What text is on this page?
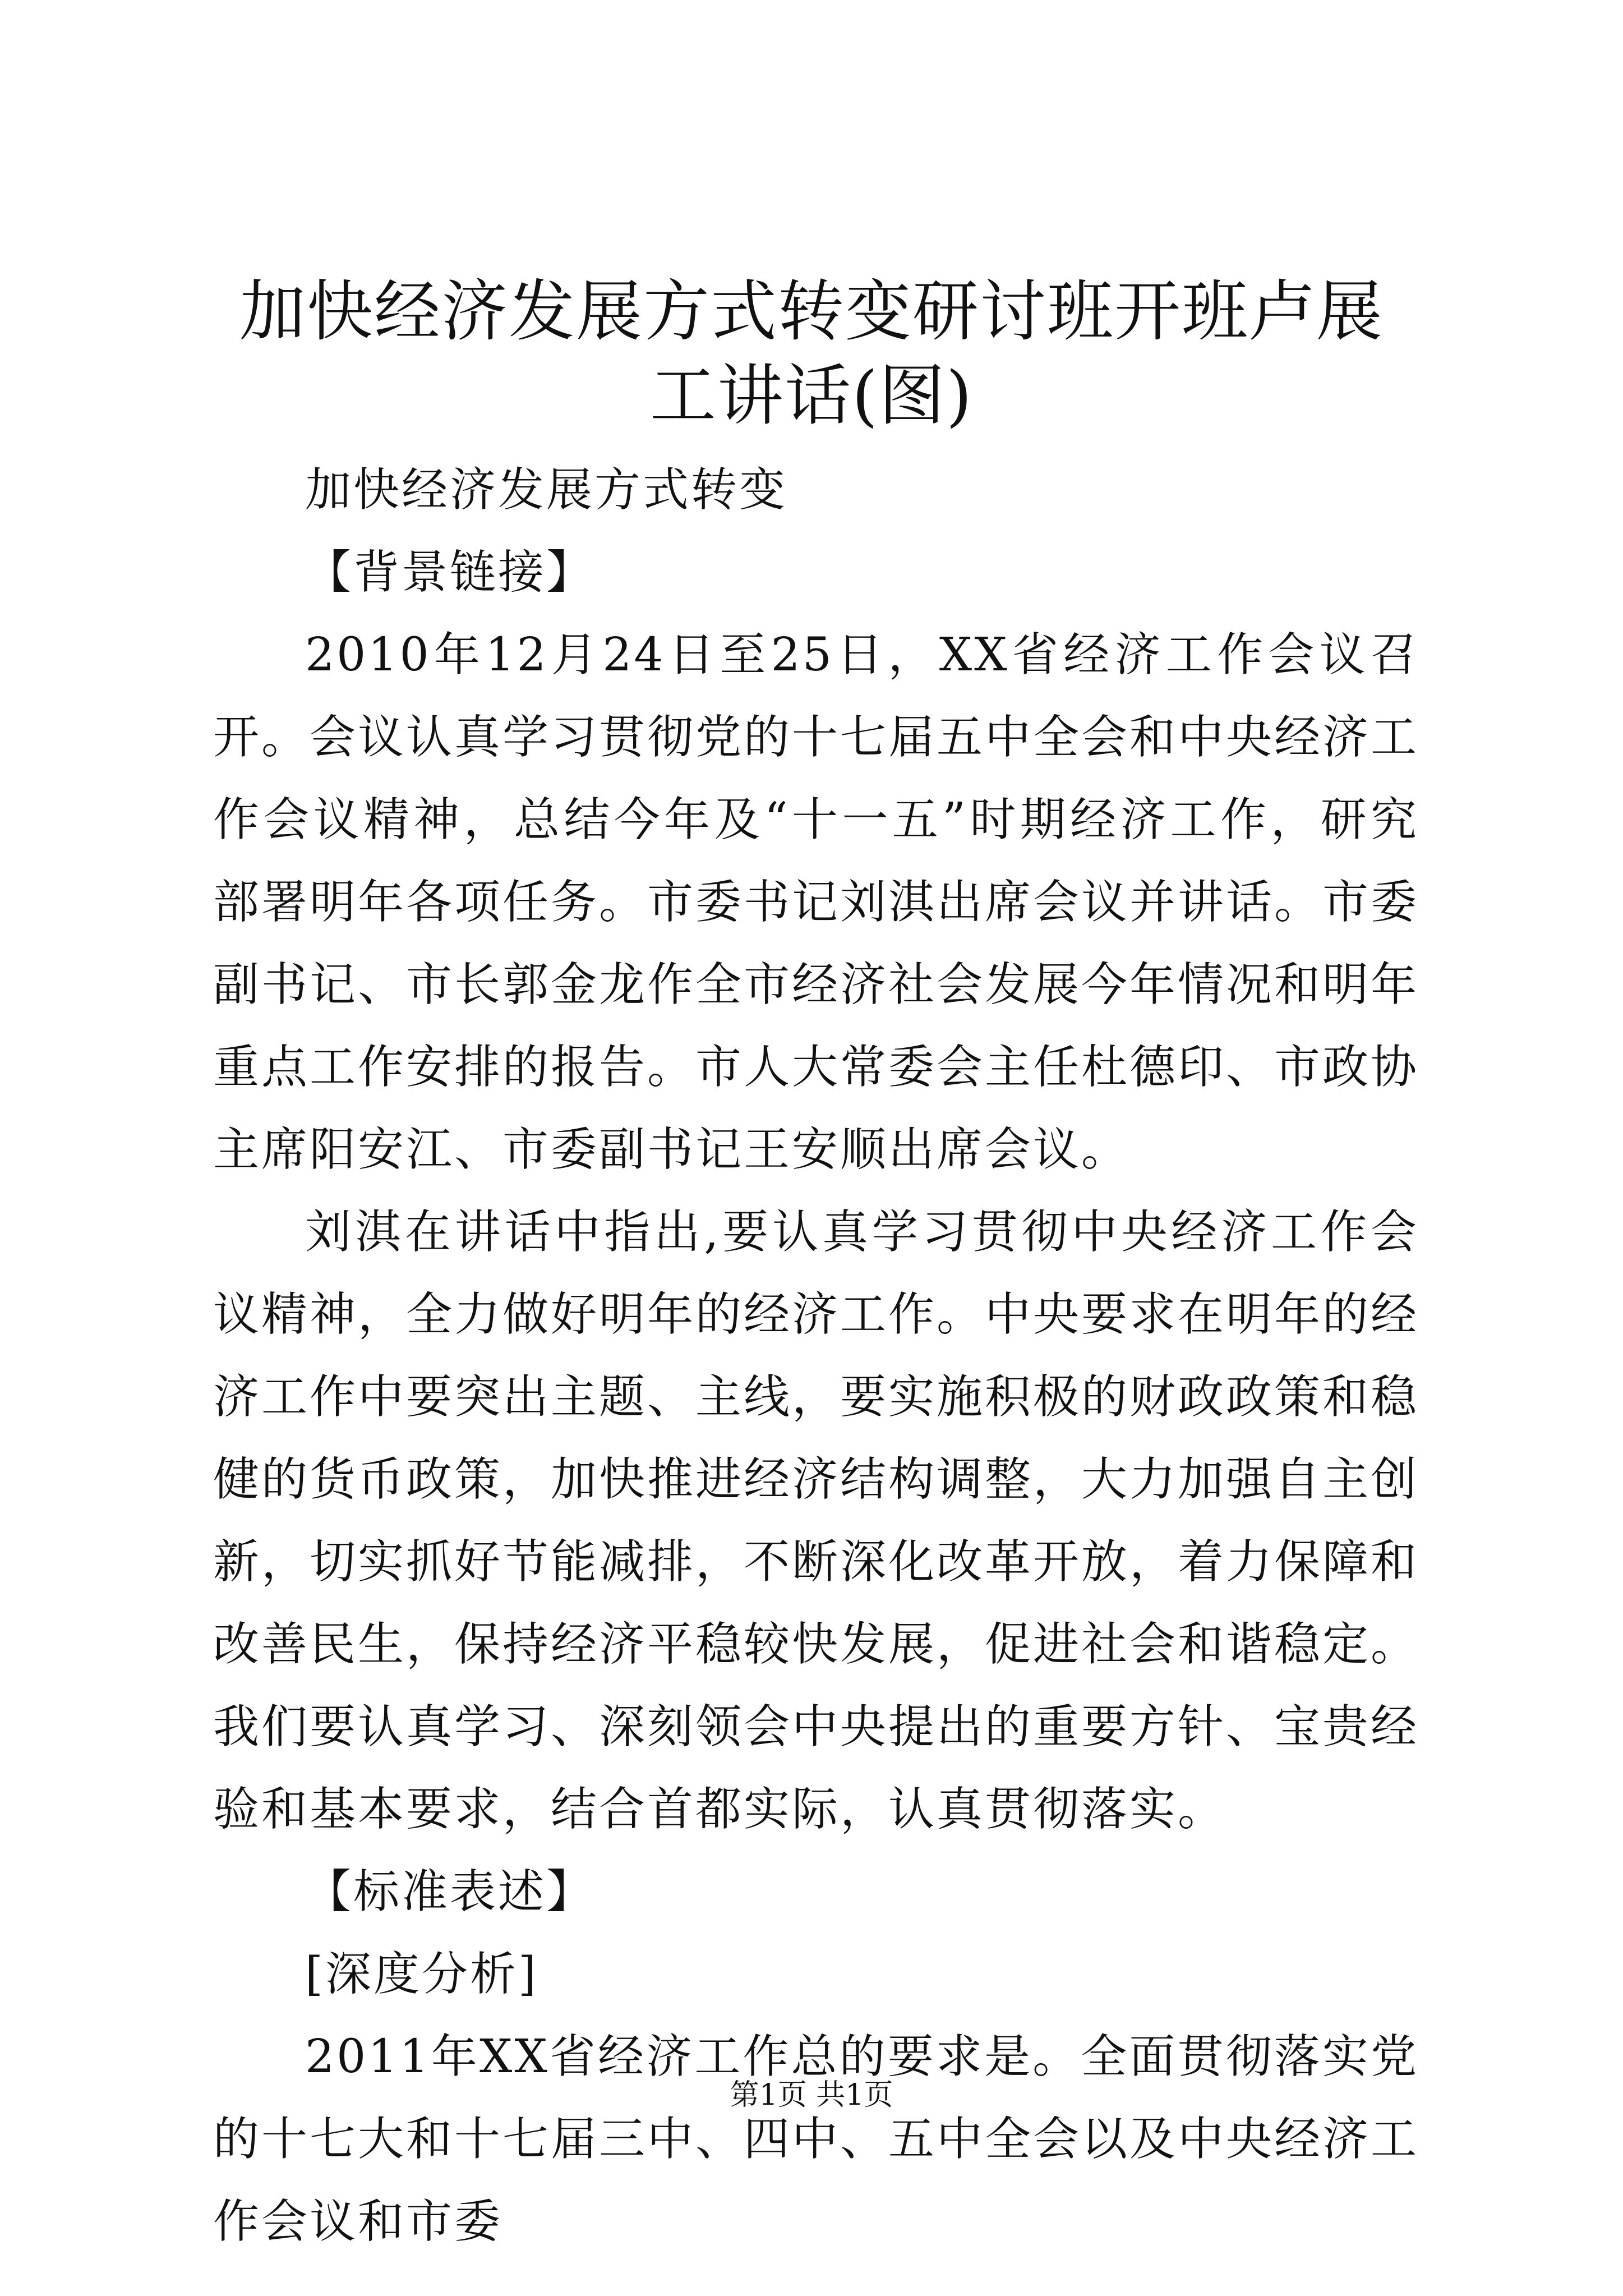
加快经济发展方式转变研讨班开班卢展工讲话(图)

加快经济发展方式转变

【背景链接】

2010年12月24日至25日，XX省经济工作会议召开。会议认真学习贯彻党的十七届五中全会和中央经济工作会议精神，总结今年及“十一五”时期经济工作，研究部署明年各项任务。市委书记刘淇出席会议并讲话。市委副书记、市长郭金龙作全市经济社会发展今年情况和明年重点工作安排的报告。市人大常委会主任杜德印、市政协主席阳安江、市委副书记王安顺出席会议。

刘淇在讲话中指出,要认真学习贯彻中央经济工作会议精神，全力做好明年的经济工作。中央要求在明年的经济工作中要突出主题、主线，要实施积极的财政政策和稳健的货币政策，加快推进经济结构调整，大力加强自主创新，切实抓好节能减排，不断深化改革开放，着力保障和改善民生，保持经济平稳较快发展，促进社会和谐稳定。我们要认真学习、深刻领会中央提出的重要方针、宝贵经验和基本要求，结合首都实际，认真贯彻落实。

【标准表述】

[深度分析]

2011年XX省经济工作总的要求是。全面贯彻落实党的十七大和十七届三中、四中、五中全会以及中央经济工作会议和市委

第1页 共1页
